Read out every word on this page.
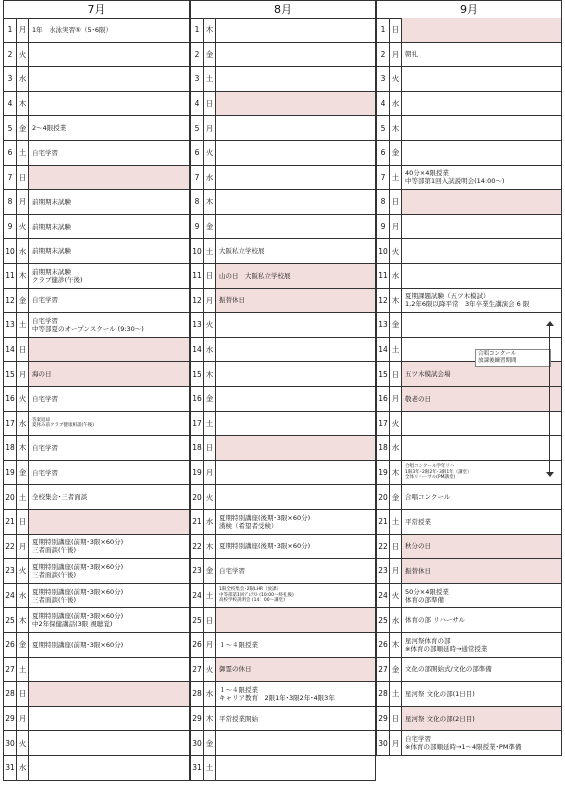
7月
1 月 1年　水泳実習⑤（5･6限）
2 火
3 水
4 木
5 金 2～4限授業
6 土 自宅学習
7 日
8 月 前期期末試験
9 火 前期期末試験
10 水 前期期末試験
11 木 前期期末試験
クラブ健診(午後)
12 金 自宅学習
13 土 自宅学習
中等部夏のオープンスクール (9:30～)
14 日
15 月 海の日
16 火 自宅学習
17 水	答案返却
夏休み前クラブ健康相談(午後)
18 木 自宅学習
19 金 自宅学習
20 土 全校集会･三者面談
21 日
22 月 夏期特別講座(前期･3限×60分)
三者面談(午後)
23 火 夏期特別講座(前期･3限×60分)
三者面談(午後)
24 水 夏期特別講座(前期･3限×60分)
三者面談(午後)
25 木 夏期特別講座(前期･3限×60分)
中2年保健講話(3限 視聴覚)
26 金 夏期特別講座(前期･3限×60分)
27 土
28 日
29 月
30 火
31 水
8月
1 木
2 金
3 土
4 日
5 月
6 火
7 水
8 木
9 金
10 土 大阪私立学校展
11 日 山の日　大阪私立学校展
12 月 振替休日
13 火
14 水
15 木
16 金
17 土
18 日
19 月
20 火
21 水 夏期特別講座(後期･3限×60分)
漢検（希望者受検）
22 木 夏期特別講座(後期･3限×60分)
23 金 自宅学習
24 土
1限全校集会･2限LHR（放課）
中等部第1回ﾌﾟﾚﾃｽﾄ (10:00～終礼後)
高校学校説明会 (14：00～講堂)
25 日
26 月 １～４限授業
27 火 御霊の休日
28 水 １～４限授業
キャリア教育　2限1年･3限2年･4限3年
29 木 平常授業開始
30 金
31 土
9月
1 日
2 月 朝礼
3 火
4 水
5 木
6 金
7 土 40分×4限授業
中等部第1回入試説明会(14:00～)
8 日
9 月
10 火
11 水
12 木 夏期課題試験（五ツ木模試）
1,2年6限以降平常　3年卒業生講演会 6 限
13 金
14 土
15 日 五ツ木模試会場
16 月 敬老の日
17 火
18 水
19 木
合唱コンクール学年リハ
1限3年･2限2年･3限1年（講堂）
全体リハーサル(PM講堂)
20 金 合唱コンクール
21 土 平常授業
22 日 秋分の日
23 月 振替休日
24 火 50分×4限授業
体育の部準備
25 水 体育の部 リハーサル
26 木 星河祭体育の部
※体育の部順延時→通常授業
27 金 文化の部開始式/文化の部準備
28 土 星河祭 文化の部(1日目)
29 日 星河祭 文化の部(2日目)
30 月 自宅学習
※体育の部順延時→1～4限授業･PM準備
合唱コンクール
放課後練習期間
